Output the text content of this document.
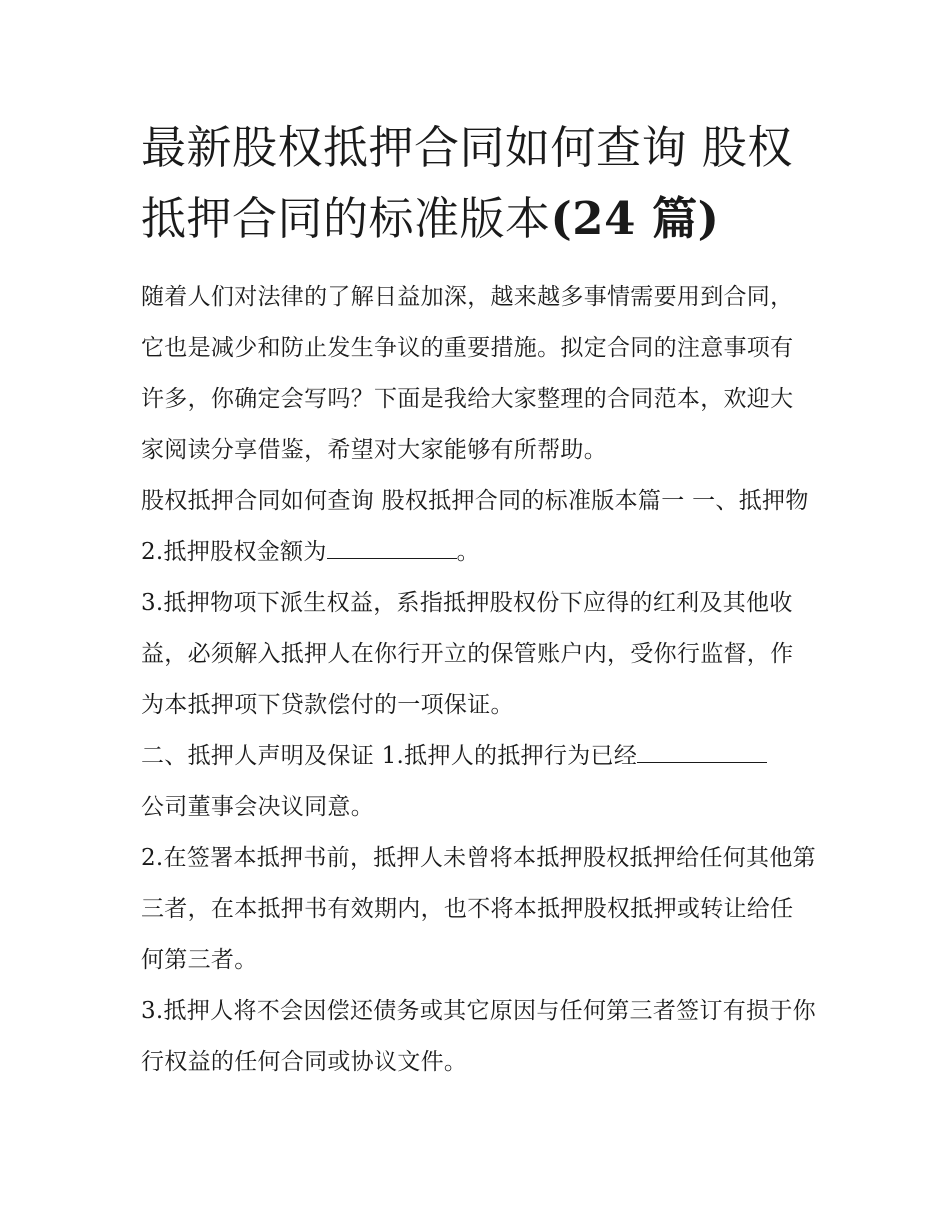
最新股权抵押合同如何查询 股权抵押合同的标准版本(24 篇)

随着人们对法律的了解日益加深，越来越多事情需要用到合同，它也是减少和防止发生争议的重要措施。拟定合同的注意事项有许多，你确定会写吗？下面是我给大家整理的合同范本，欢迎大家阅读分享借鉴，希望对大家能够有所帮助。

股权抵押合同如何查询 股权抵押合同的标准版本篇一 一、抵押物 2.抵押股权金额为	。

3.抵押物项下派生权益，系指抵押股权份下应得的红利及其他收益，必须解入抵押人在你行开立的保管账户内，受你行监督，作为本抵押项下贷款偿付的一项保证。

二、抵押人声明及保证 1.抵押人的抵押行为已经
公司董事会决议同意。

2.在签署本抵押书前，抵押人未曾将本抵押股权抵押给任何其他第三者，在本抵押书有效期内，也不将本抵押股权抵押或转让给任何第三者。

3.抵押人将不会因偿还债务或其它原因与任何第三者签订有损于你行权益的任何合同或协议文件。
